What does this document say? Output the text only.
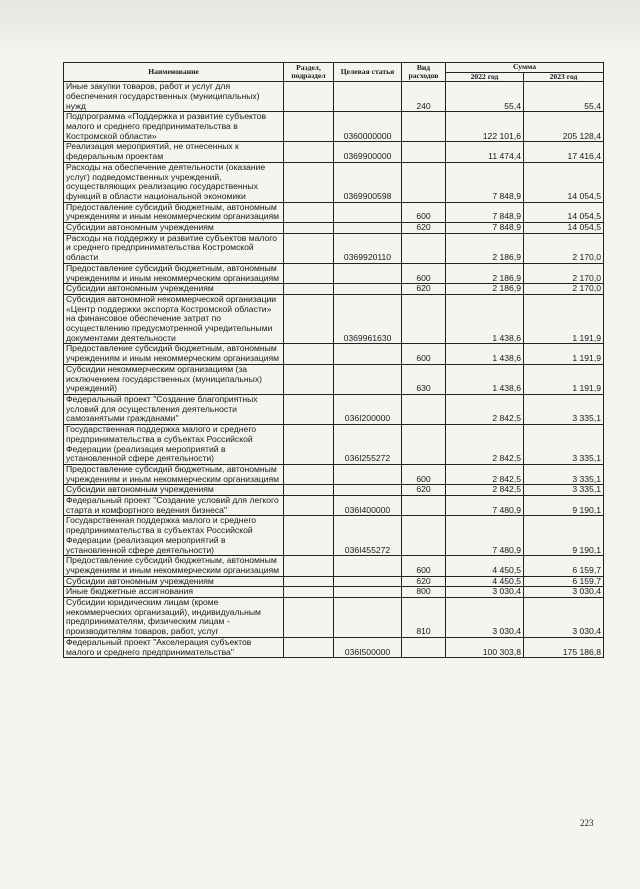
Наименование	Раздел, подраздел	Целевая статья	Вид расходов	Сумма	
				2022 год	2023 год
Иные закупки товаров, работ и услуг для обеспечения государственных (муниципальных) нужд			240	55,4	55,4
Подпрограмма «Поддержка и развитие субъектов малого и среднего предпринимательства в Костромской области»		0360000000		122 101,6	205 128,4
Реализация мероприятий, не отнесенных к федеральным проектам		0369900000		11 474,4	17 416,4
Расходы на обеспечение деятельности (оказание услуг) подведомственных учреждений, осуществляющих реализацию государственных функций в области национальной экономики		0369900598		7 848,9	14 054,5
Предоставление субсидий бюджетным, автономным учреждениям и иным некоммерческим организациям			600	7 848,9	14 054,5
Субсидии автономным учреждениям			620	7 848,9	14 054,5
Расходы на поддержку и развитие субъектов малого и среднего предпринимательства Костромской области		0369920110		2 186,9	2 170,0
Предоставление субсидий бюджетным, автономным учреждениям и иным некоммерческим организациям			600	2 186,9	2 170,0
Субсидии автономным учреждениям			620	2 186,9	2 170,0
Субсидия автономной некоммерческой организации «Центр поддержки экспорта Костромской области» на финансовое обеспечение затрат по осуществлению предусмотренной учредительными документами деятельности		0369961630		1 438,6	1 191,9
Предоставление субсидий бюджетным, автономным учреждениям и иным некоммерческим организациям			600	1 438,6	1 191,9
Субсидии некоммерческим организациям (за исключением государственных (муниципальных) учреждений)			630	1 438,6	1 191,9
Федеральный проект "Создание благоприятных условий для осуществления деятельности самозанятыми гражданами"		036I200000		2 842,5	3 335,1
Государственная поддержка малого и среднего предпринимательства в субъектах Российской Федерации (реализация мероприятий в установленной сфере деятельности)		036I255272		2 842,5	3 335,1
Предоставление субсидий бюджетным, автономным учреждениям и иным некоммерческим организациям			600	2 842,5	3 335,1
Субсидии автономным учреждениям			620	2 842,5	3 335,1
Федеральный проект "Создание условий для легкого старта и комфортного ведения бизнеса"		036I400000		7 480,9	9 190,1
Государственная поддержка малого и среднего предпринимательства в субъектах Российской Федерации (реализация мероприятий в установленной сфере деятельности)		036I455272		7 480,9	9 190,1
Предоставление субсидий бюджетным, автономным учреждениям и иным некоммерческим организациям			600	4 450,5	6 159,7
Субсидии автономным учреждениям			620	4 450,5	6 159,7
Иные бюджетные ассигнования			800	3 030,4	3 030,4
Субсидии юридическим лицам (кроме некоммерческих организаций), индивидуальным предпринимателям, физическим лицам - производителям товаров, работ, услуг			810	3 030,4	3 030,4
Федеральный проект "Акселерация субъектов малого и среднего предпринимательства"		036I500000		100 303,8	175 186,8
223
